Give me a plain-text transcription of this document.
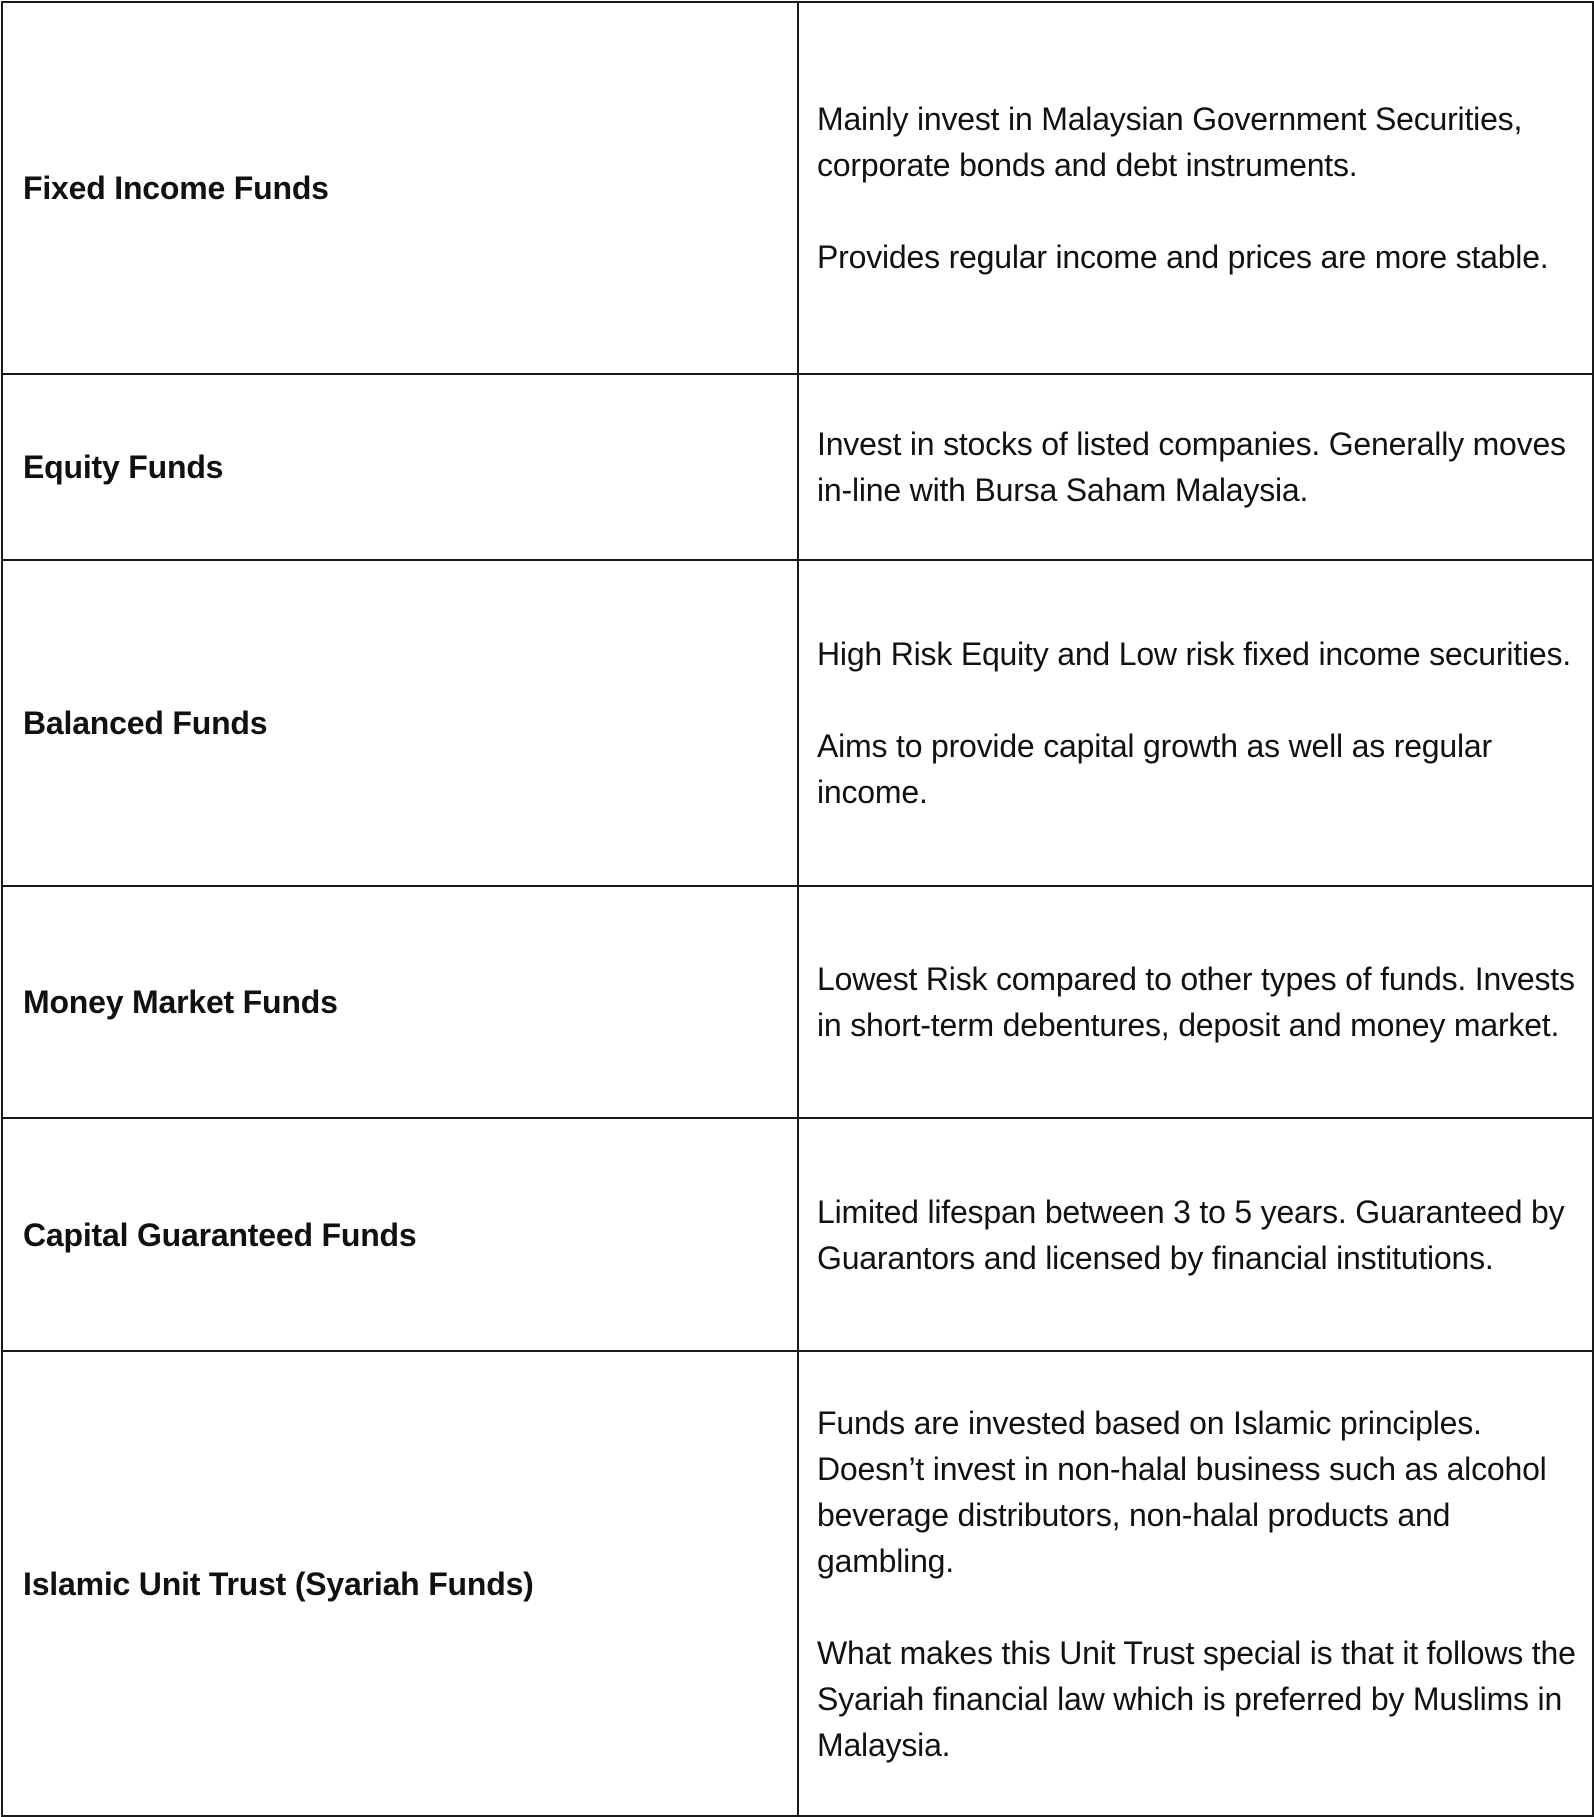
Fixed Income Funds	Mainly invest in Malaysian Government Securities, corporate bonds and debt instruments.

Provides regular income and prices are more stable.

Equity Funds	Invest in stocks of listed companies. Generally moves in-line with Bursa Saham Malaysia.

Balanced Funds	High Risk Equity and Low risk fixed income securities.

Aims to provide capital growth as well as regular income.

Money Market Funds	Lowest Risk compared to other types of funds. Invests in short-term debentures, deposit and money market.

Capital Guaranteed Funds	Limited lifespan between 3 to 5 years. Guaranteed by Guarantors and licensed by financial institutions.

Islamic Unit Trust (Syariah Funds)	Funds are invested based on Islamic principles. Doesn’t invest in non-halal business such as alcohol beverage distributors, non-halal products and gambling.

What makes this Unit Trust special is that it follows the Syariah financial law which is preferred by Muslims in Malaysia.
